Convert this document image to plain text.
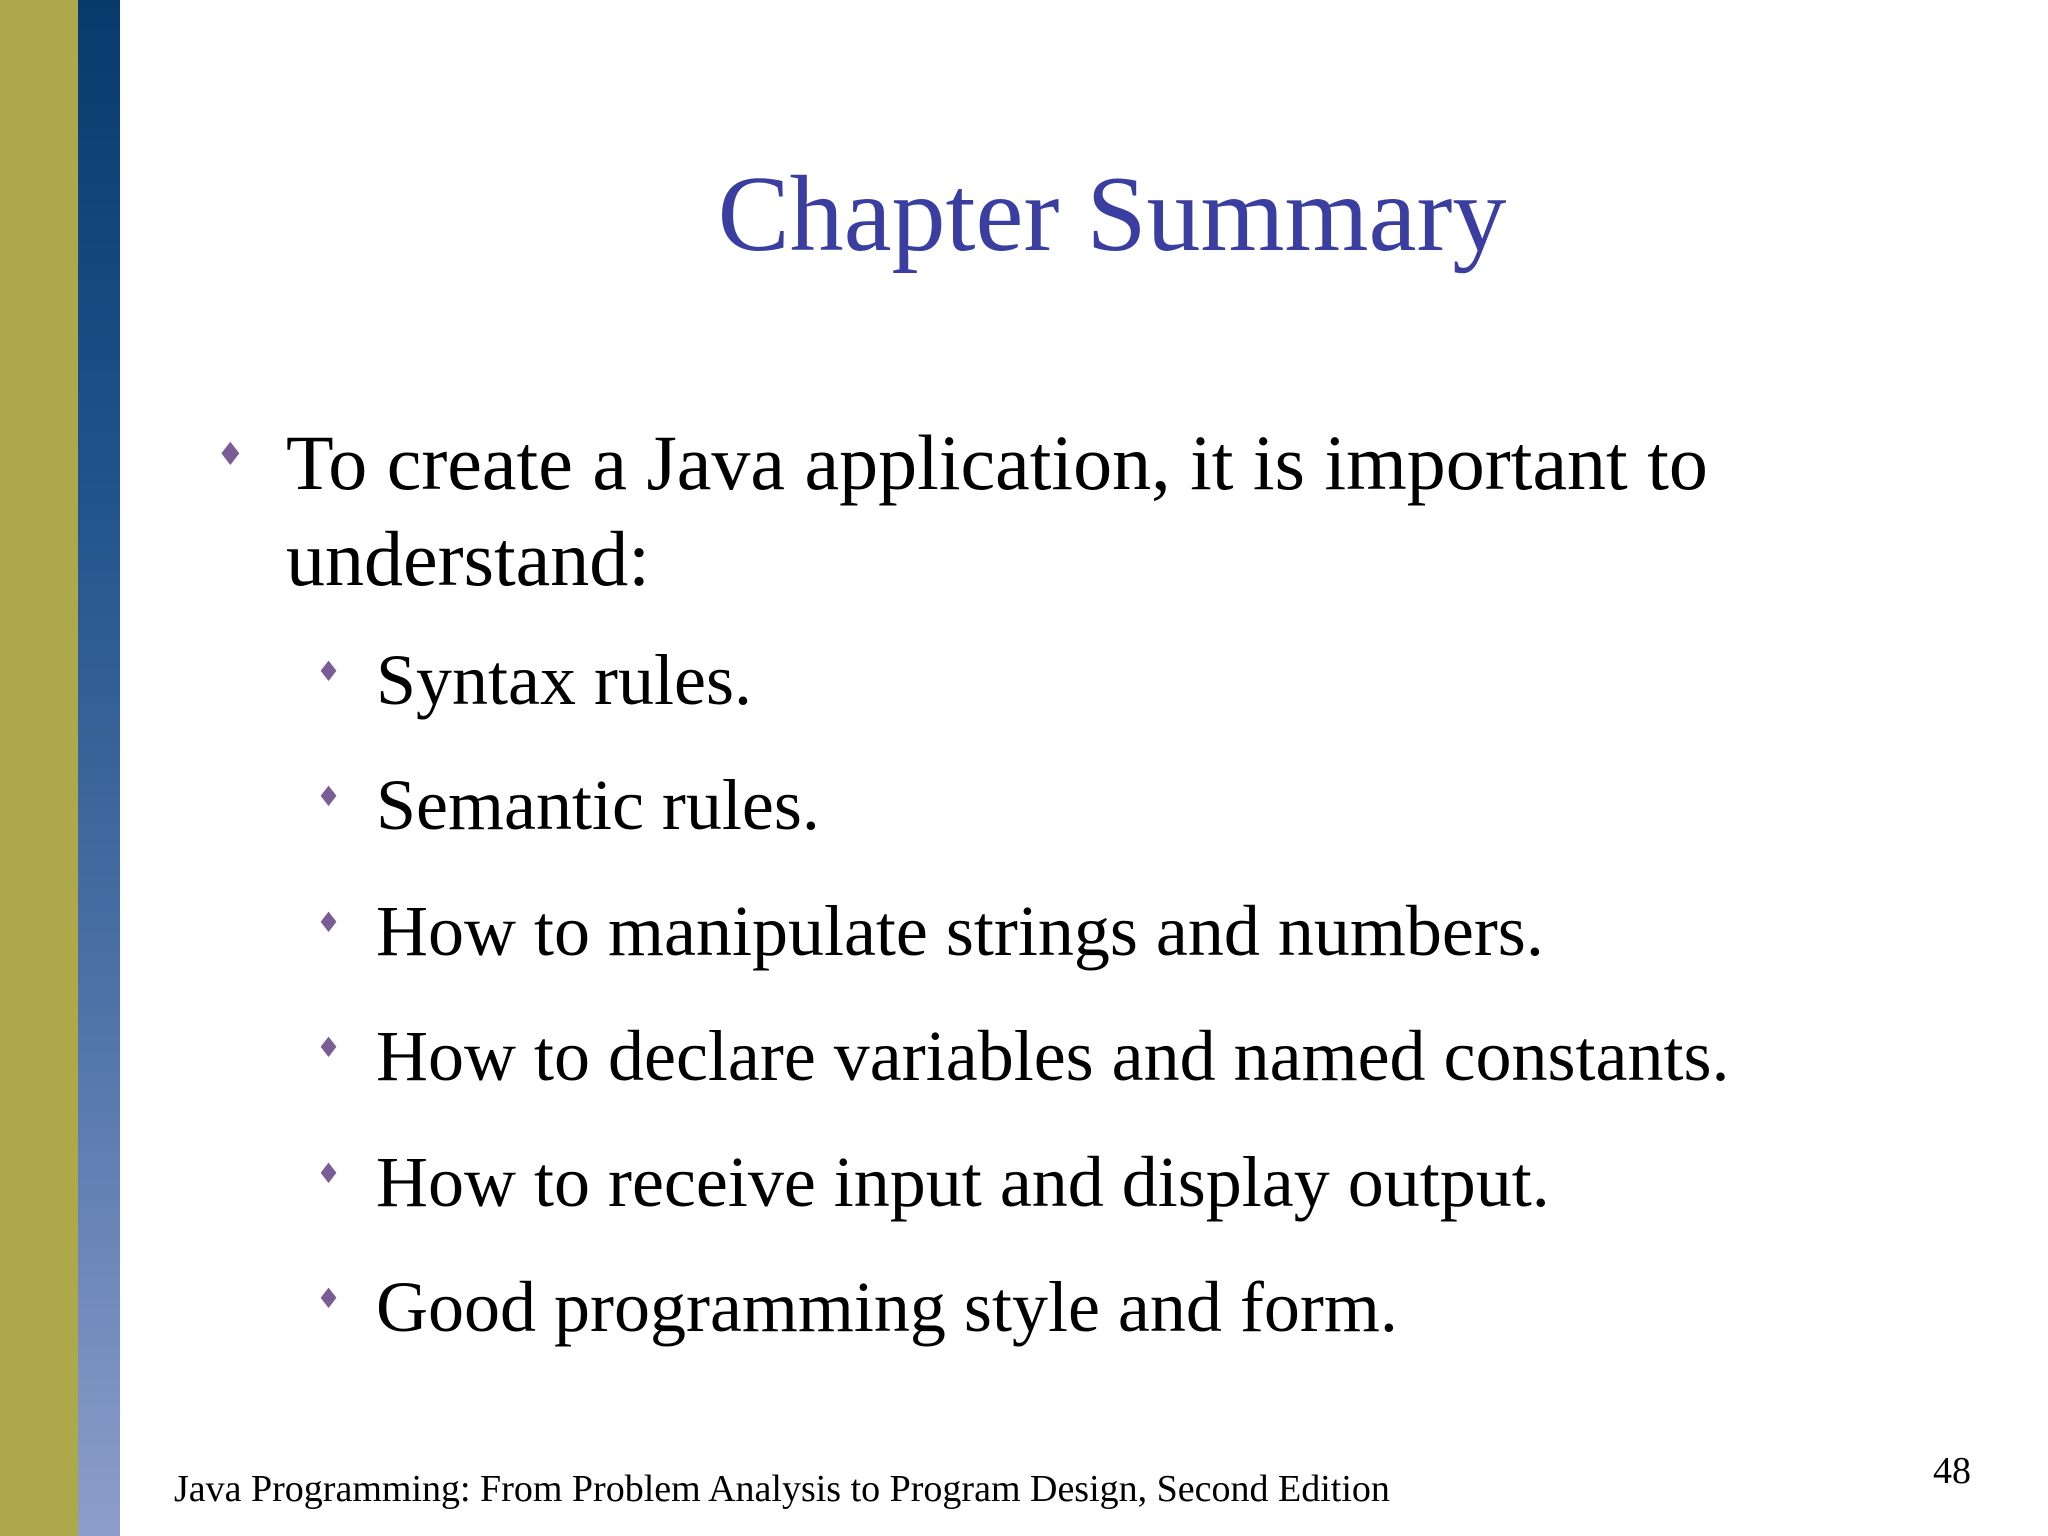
Chapter Summary
♦ To create a Java application, it is important to understand:
♦ Syntax rules.
♦ Semantic rules.
♦ How to manipulate strings and numbers.
♦ How to declare variables and named constants.
♦ How to receive input and display output.
♦ Good programming style and form.
Java Programming: From Problem Analysis to Program Design, Second Edition	48
